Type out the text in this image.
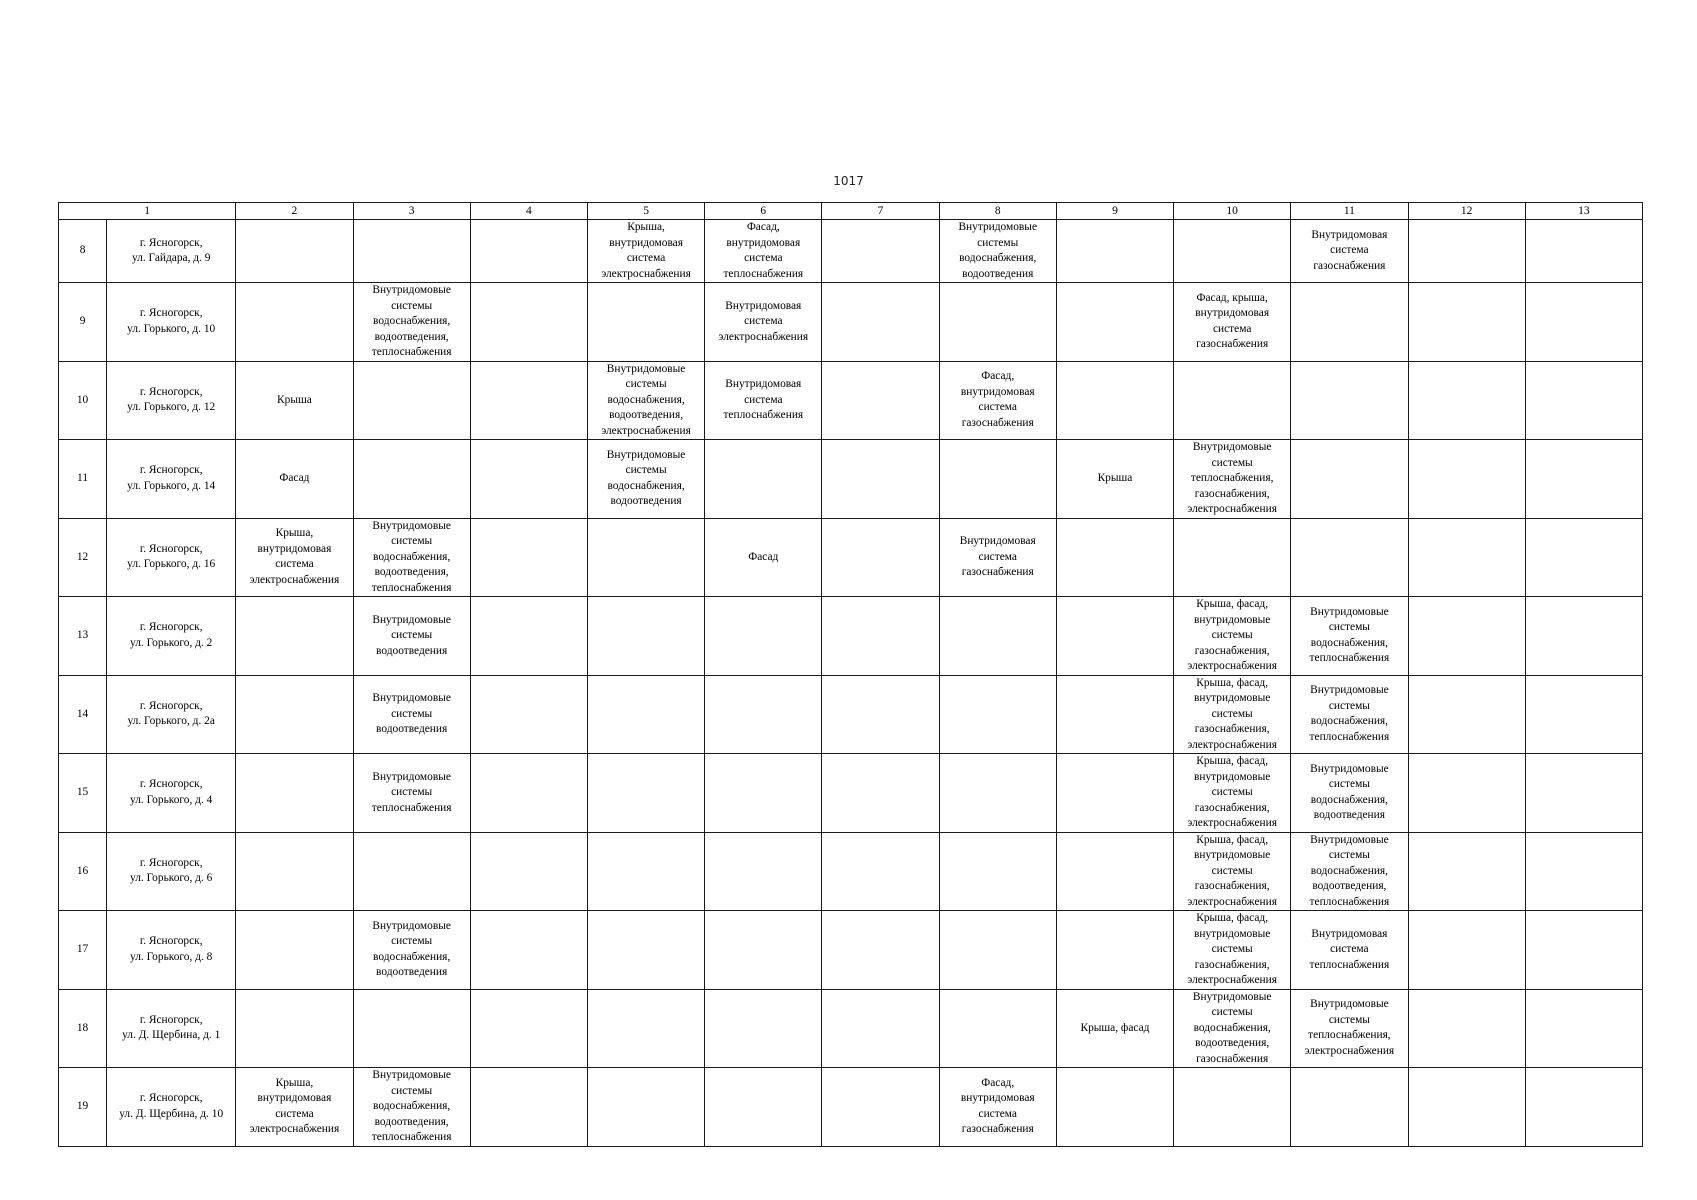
1017
1		2	3	4	5	6	7	8	9	10	11	12	13
8	г. Ясногорск,
ул. Гайдара, д. 9				Крыша,
внутридомовая
система
электроснабжения	Фасад,
внутридомовая
система
теплоснабжения		Внутридомовые
системы
водоснабжения,
водоотведения			Внутридомовая
система
газоснабжения		
9	г. Ясногорск,
ул. Горького, д. 10		Внутридомовые
системы
водоснабжения,
водоотведения,
теплоснабжения			Внутридомовая
система
электроснабжения				Фасад, крыша,
внутридомовая
система
газоснабжения			
10	г. Ясногорск,
ул. Горького, д. 12	Крыша			Внутридомовые
системы
водоснабжения,
водоотведения,
электроснабжения	Внутридомовая
система
теплоснабжения		Фасад,
внутридомовая
система
газоснабжения					
11	г. Ясногорск,
ул. Горького, д. 14	Фасад			Внутридомовые
системы
водоснабжения,
водоотведения				Крыша	Внутридомовые
системы
теплоснабжения,
газоснабжения,
электроснабжения			
12	г. Ясногорск,
ул. Горького, д. 16	Крыша,
внутридомовая
система
электроснабжения	Внутридомовые
системы
водоснабжения,
водоотведения,
теплоснабжения			Фасад		Внутридомовая
система
газоснабжения					
13	г. Ясногорск,
ул. Горького, д. 2		Внутридомовые
системы
водоотведения							Крыша, фасад,
внутридомовые
системы
газоснабжения,
электроснабжения	Внутридомовые
системы
водоснабжения,
теплоснабжения		
14	г. Ясногорск,
ул. Горького, д. 2а		Внутридомовые
системы
водоотведения							Крыша, фасад,
внутридомовые
системы
газоснабжения,
электроснабжения	Внутридомовые
системы
водоснабжения,
теплоснабжения		
15	г. Ясногорск,
ул. Горького, д. 4		Внутридомовые
системы
теплоснабжения							Крыша, фасад,
внутридомовые
системы
газоснабжения,
электроснабжения	Внутридомовые
системы
водоснабжения,
водоотведения		
16	г. Ясногорск,
ул. Горького, д. 6									Крыша, фасад,
внутридомовые
системы
газоснабжения,
электроснабжения	Внутридомовые
системы
водоснабжения,
водоотведения,
теплоснабжения		
17	г. Ясногорск,
ул. Горького, д. 8		Внутридомовые
системы
водоснабжения,
водоотведения							Крыша, фасад,
внутридомовые
системы
газоснабжения,
электроснабжения	Внутридомовая
система
теплоснабжения		
18	г. Ясногорск,
ул. Д. Щербина, д. 1								Крыша, фасад	Внутридомовые
системы
водоснабжения,
водоотведения,
газоснабжения	Внутридомовые
системы
теплоснабжения,
электроснабжения		
19	г. Ясногорск,
ул. Д. Щербина, д. 10	Крыша,
внутридомовая
система
электроснабжения	Внутридомовые
системы
водоснабжения,
водоотведения,
теплоснабжения					Фасад,
внутридомовая
система
газоснабжения					
